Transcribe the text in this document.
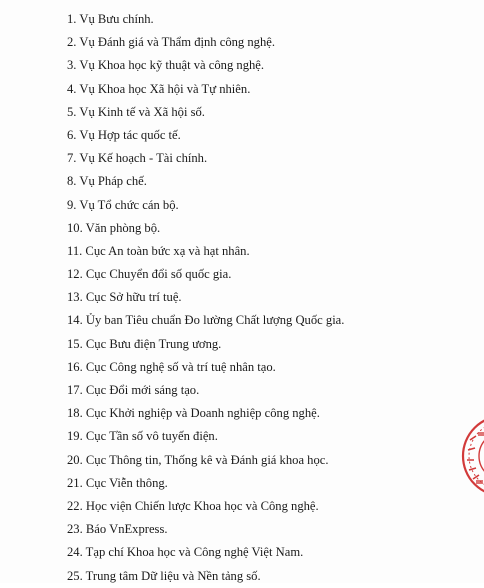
1. Vụ Bưu chính.
2. Vụ Đánh giá và Thẩm định công nghệ.
3. Vụ Khoa học kỹ thuật và công nghệ.
4. Vụ Khoa học Xã hội và Tự nhiên.
5. Vụ Kinh tế và Xã hội số.
6. Vụ Hợp tác quốc tế.
7. Vụ Kế hoạch - Tài chính.
8. Vụ Pháp chế.
9. Vụ Tổ chức cán bộ.
10. Văn phòng bộ.
11. Cục An toàn bức xạ và hạt nhân.
12. Cục Chuyển đổi số quốc gia.
13. Cục Sở hữu trí tuệ.
14. Ủy ban Tiêu chuẩn Đo lường Chất lượng Quốc gia.
15. Cục Bưu điện Trung ương.
16. Cục Công nghệ số và trí tuệ nhân tạo.
17. Cục Đổi mới sáng tạo.
18. Cục Khởi nghiệp và Doanh nghiệp công nghệ.
19. Cục Tần số vô tuyến điện.
20. Cục Thông tin, Thống kê và Đánh giá khoa học.
21. Cục Viễn thông.
22. Học viện Chiến lược Khoa học và Công nghệ.
23. Báo VnExpress.
24. Tạp chí Khoa học và Công nghệ Việt Nam.
25. Trung tâm Dữ liệu và Nền tảng số.
